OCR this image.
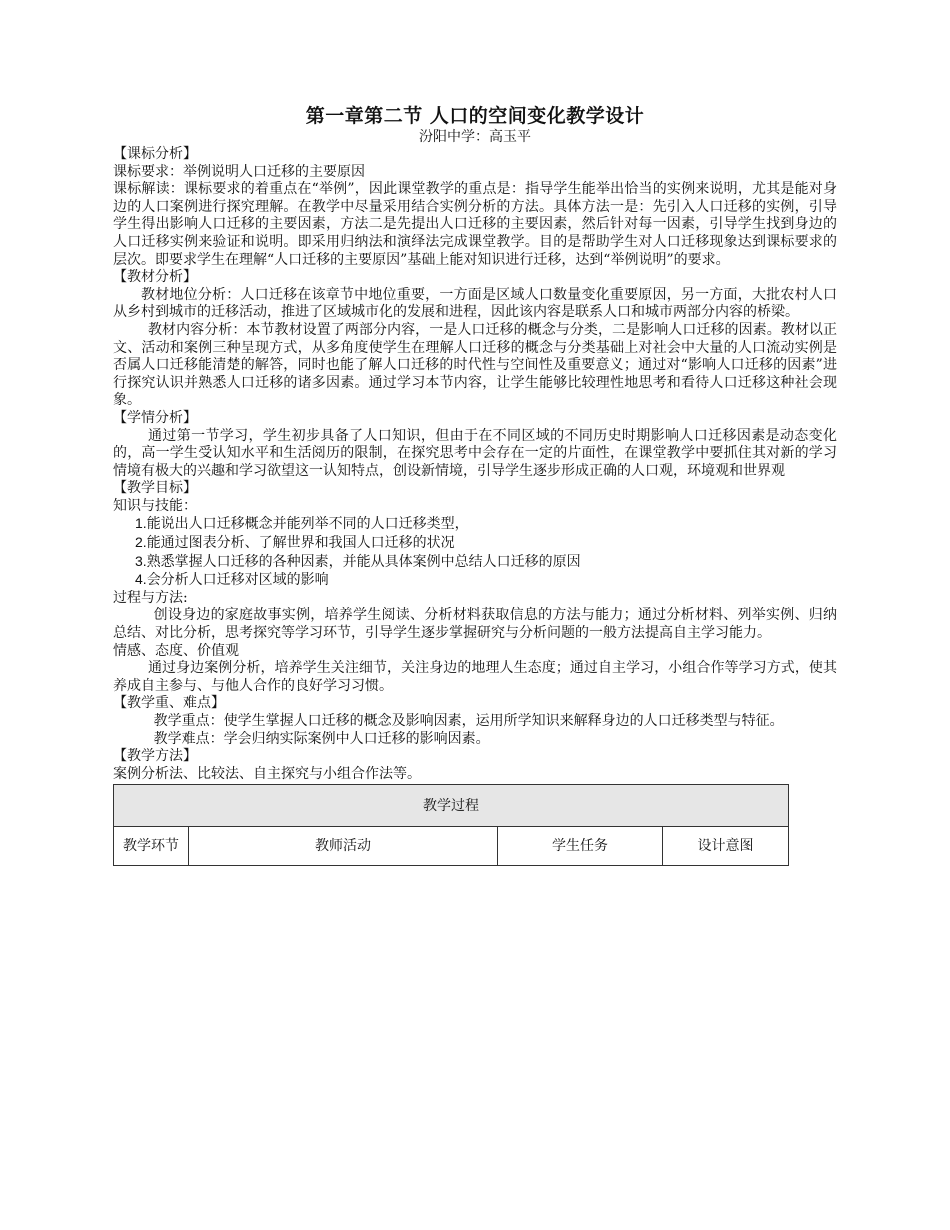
第一章第二节 人口的空间变化教学设计
汾阳中学：高玉平

【课标分析】

课标要求：举例说明人口迁移的主要原因

课标解读：课标要求的着重点在“举例”，因此课堂教学的重点是：指导学生能举出恰当的实例来说明，尤其是能对身边的人口案例进行探究理解。在教学中尽量采用结合实例分析的方法。具体方法一是：先引入人口迁移的实例，引导学生得出影响人口迁移的主要因素，方法二是先提出人口迁移的主要因素，然后针对每一因素，引导学生找到身边的人口迁移实例来验证和说明。即采用归纳法和演绎法完成课堂教学。目的是帮助学生对人口迁移现象达到课标要求的层次。即要求学生在理解“人口迁移的主要原因”基础上能对知识进行迁移，达到“举例说明”的要求。

【教材分析】

教材地位分析：人口迁移在该章节中地位重要，一方面是区域人口数量变化重要原因，另一方面，大批农村人口从乡村到城市的迁移活动，推进了区域城市化的发展和进程，因此该内容是联系人口和城市两部分内容的桥梁。

教材内容分析：本节教材设置了两部分内容，一是人口迁移的概念与分类，二是影响人口迁移的因素。教材以正文、活动和案例三种呈现方式，从多角度使学生在理解人口迁移的概念与分类基础上对社会中大量的人口流动实例是否属人口迁移能清楚的解答，同时也能了解人口迁移的时代性与空间性及重要意义；通过对“影响人口迁移的因素”进行探究认识并熟悉人口迁移的诸多因素。通过学习本节内容，让学生能够比较理性地思考和看待人口迁移这种社会现象。

【学情分析】

通过第一节学习，学生初步具备了人口知识，但由于在不同区域的不同历史时期影响人口迁移因素是动态变化的，高一学生受认知水平和生活阅历的限制，在探究思考中会存在一定的片面性，在课堂教学中要抓住其对新的学习情境有极大的兴趣和学习欲望这一认知特点，创设新情境，引导学生逐步形成正确的人口观，环境观和世界观

【教学目标】

知识与技能：

1.能说出人口迁移概念并能列举不同的人口迁移类型，

2.能通过图表分析、了解世界和我国人口迁移的状况

3.熟悉掌握人口迁移的各种因素，并能从具体案例中总结人口迁移的原因

4.会分析人口迁移对区域的影响

过程与方法:

创设身边的家庭故事实例，培养学生阅读、分析材料获取信息的方法与能力；通过分析材料、列举实例、归纳总结、对比分析，思考探究等学习环节，引导学生逐步掌握研究与分析问题的一般方法提高自主学习能力。

情感、态度、价值观

通过身边案例分析，培养学生关注细节，关注身边的地理人生态度；通过自主学习，小组合作等学习方式，使其养成自主参与、与他人合作的良好学习习惯。

【教学重、难点】

教学重点：使学生掌握人口迁移的概念及影响因素，运用所学知识来解释身边的人口迁移类型与特征。

教学难点：学会归纳实际案例中人口迁移的影响因素。

【教学方法】

案例分析法、比较法、自主探究与小组合作法等。

教学过程
教学环节	教师活动	学生任务	设计意图
